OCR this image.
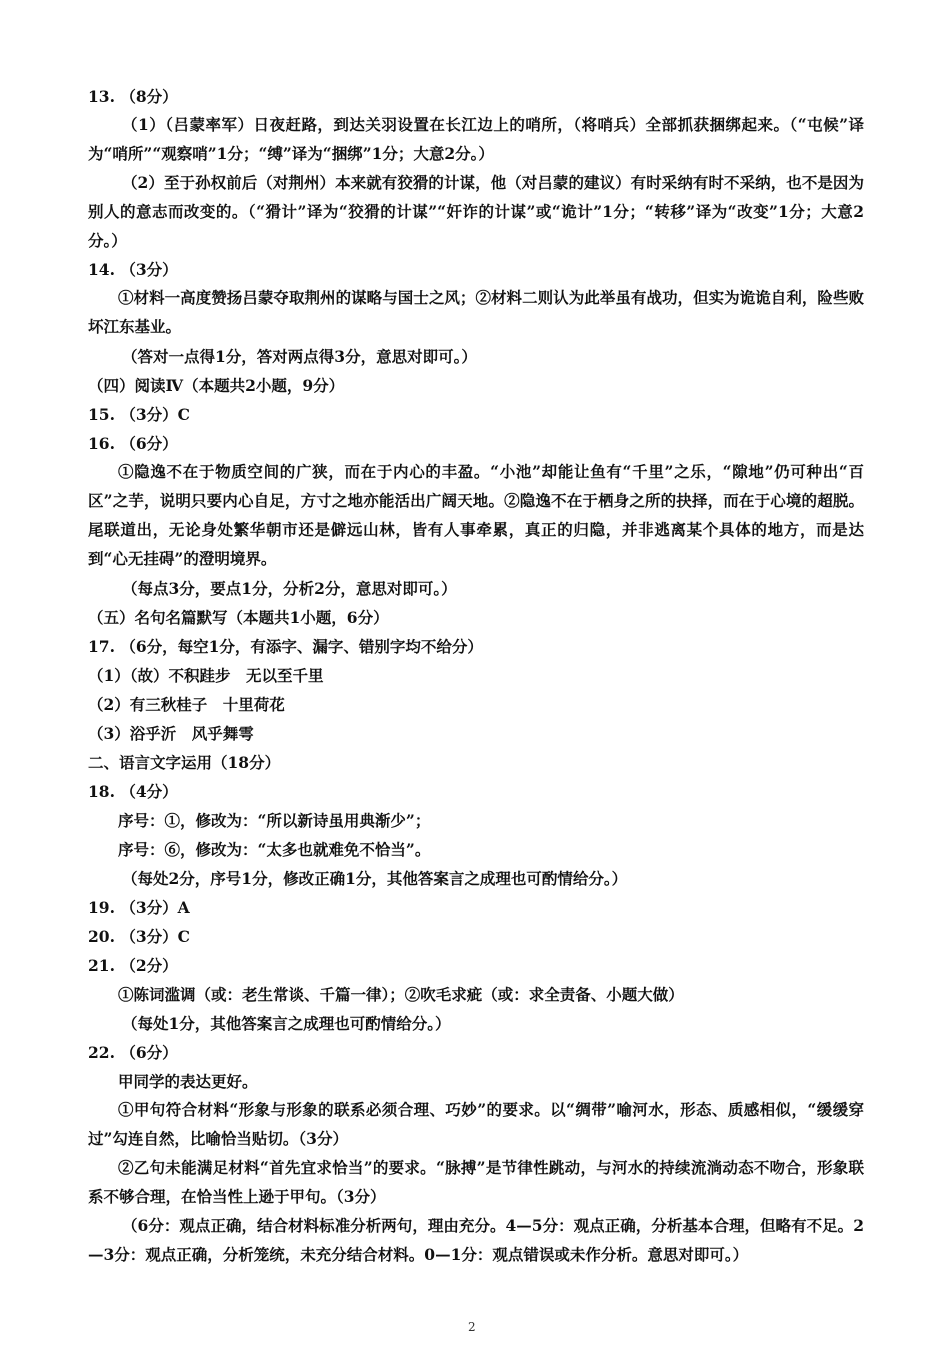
13. （8分）
（1）（吕蒙率军）日夜赶路，到达关羽设置在长江边上的哨所，（将哨兵）全部抓获捆绑起来。（“屯候”译为“哨所”“观察哨”1分；“缚”译为“捆绑”1分；大意2分。）
（2）至于孙权前后（对荆州）本来就有狡猾的计谋，他（对吕蒙的建议）有时采纳有时不采纳，也不是因为别人的意志而改变的。（“猾计”译为“狡猾的计谋”“奸诈的计谋”或“诡计”1分；“转移”译为“改变”1分；大意2分。）
14. （3分）
①材料一高度赞扬吕蒙夺取荆州的谋略与国士之风；②材料二则认为此举虽有战功，但实为诡诡自利，险些败坏江东基业。
（答对一点得1分，答对两点得3分，意思对即可。）
（四）阅读Ⅳ（本题共2小题，9分）
15. （3分）C
16. （6分）
①隐逸不在于物质空间的广狭，而在于内心的丰盈。“小池”却能让鱼有“千里”之乐，“隙地”仍可种出“百区”之芋，说明只要内心自足，方寸之地亦能活出广阔天地。②隐逸不在于栖身之所的抉择，而在于心境的超脱。尾联道出，无论身处繁华朝市还是僻远山林，皆有人事牵累，真正的归隐，并非逃离某个具体的地方，而是达到“心无挂碍”的澄明境界。
（每点3分，要点1分，分析2分，意思对即可。）
（五）名句名篇默写（本题共1小题，6分）
17. （6分，每空1分，有添字、漏字、错别字均不给分）
（1）（故）不积跬步　无以至千里
（2）有三秋桂子　十里荷花
（3）浴乎沂　风乎舞雩
二、语言文字运用（18分）
18. （4分）
序号：①，修改为：“所以新诗虽用典渐少”；
序号：⑥，修改为：“太多也就难免不恰当”。
（每处2分，序号1分，修改正确1分，其他答案言之成理也可酌情给分。）
19. （3分）A
20. （3分）C
21. （2分）
①陈词滥调（或：老生常谈、千篇一律）；②吹毛求疵（或：求全责备、小题大做）
（每处1分，其他答案言之成理也可酌情给分。）
22. （6分）
甲同学的表达更好。
①甲句符合材料“形象与形象的联系必须合理、巧妙”的要求。以“绸带”喻河水，形态、质感相似，“缓缓穿过”勾连自然，比喻恰当贴切。（3分）
②乙句未能满足材料“首先宜求恰当”的要求。“脉搏”是节律性跳动，与河水的持续流淌动态不吻合，形象联系不够合理，在恰当性上逊于甲句。（3分）
（6分：观点正确，结合材料标准分析两句，理由充分。4—5分：观点正确，分析基本合理，但略有不足。2—3分：观点正确，分析笼统，未充分结合材料。0—1分：观点错误或未作分析。意思对即可。）
2
